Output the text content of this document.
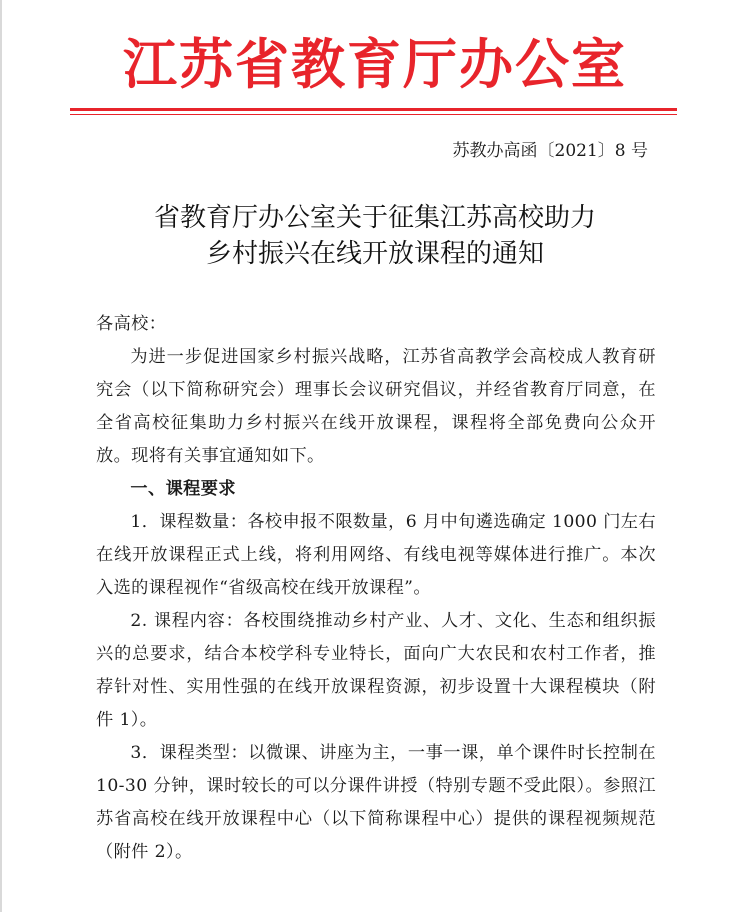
江苏省教育厅办公室
苏教办高函〔2021〕8 号
省教育厅办公室关于征集江苏高校助力
乡村振兴在线开放课程的通知

各高校：

为进一步促进国家乡村振兴战略，江苏省高教学会高校成人教育研究会（以下简称研究会）理事长会议研究倡议，并经省教育厅同意，在全省高校征集助力乡村振兴在线开放课程，课程将全部免费向公众开放。现将有关事宜通知如下。

一、课程要求

1．课程数量：各校申报不限数量，6 月中旬遴选确定 1000 门左右在线开放课程正式上线，将利用网络、有线电视等媒体进行推广。本次入选的课程视作“省级高校在线开放课程”。

2. 课程内容：各校围绕推动乡村产业、人才、文化、生态和组织振兴的总要求，结合本校学科专业特长，面向广大农民和农村工作者，推荐针对性、实用性强的在线开放课程资源，初步设置十大课程模块（附件 1）。

3．课程类型：以微课、讲座为主，一事一课，单个课件时长控制在 10-30 分钟，课时较长的可以分课件讲授（特别专题不受此限）。参照江苏省高校在线开放课程中心（以下简称课程中心）提供的课程视频规范（附件 2）。
